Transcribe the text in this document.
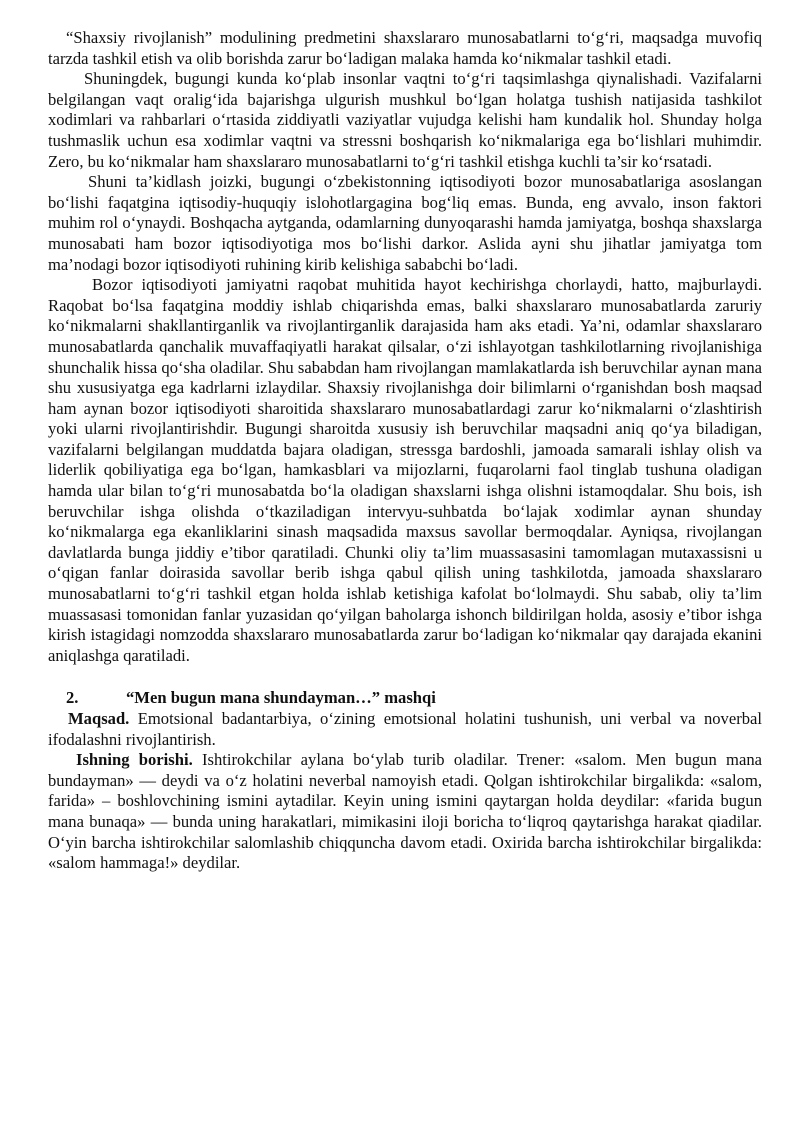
“Shaxsiy rivojlanish” modulining predmetini shaxslararo munosabatlarni to‘g‘ri, maqsadga muvofiq tarzda tashkil etish va olib borishda zarur bo‘ladigan malaka hamda ko‘nikmalar tashkil etadi.

Shuningdek, bugungi kunda ko‘plab insonlar vaqtni to‘g‘ri taqsimlashga qiynalishadi. Vazifalarni belgilangan vaqt oralig‘ida bajarishga ulgurish mushkul bo‘lgan holatga tushish natijasida tashkilot xodimlari va rahbarlari o‘rtasida ziddiyatli vaziyatlar vujudga kelishi ham kundalik hol. Shunday holga tushmaslik uchun esa xodimlar vaqtni va stressni boshqarish ko‘nikmalariga ega bo‘lishlari muhimdir. Zero, bu ko‘nikmalar ham shaxslararo munosabatlarni to‘g‘ri tashkil etishga kuchli ta’sir ko‘rsatadi.

Shuni ta’kidlash joizki, bugungi o‘zbekistonning iqtisodiyoti bozor munosabatlariga asoslangan bo‘lishi faqatgina iqtisodiy-huquqiy islohotlargagina bog‘liq emas. Bunda, eng avvalo, inson faktori muhim rol o‘ynaydi. Boshqacha aytganda, odamlarning dunyoqarashi hamda jamiyatga, boshqa shaxslarga munosabati ham bozor iqtisodiyotiga mos bo‘lishi darkor. Aslida ayni shu jihatlar jamiyatga tom ma’nodagi bozor iqtisodiyoti ruhining kirib kelishiga sababchi bo‘ladi.

Bozor iqtisodiyoti jamiyatni raqobat muhitida hayot kechirishga chorlaydi, hatto, majburlaydi. Raqobat bo‘lsa faqatgina moddiy ishlab chiqarishda emas, balki shaxslararo munosabatlarda zaruriy ko‘nikmalarni shakllantirganlik va rivojlantirganlik darajasida ham aks etadi. Ya’ni, odamlar shaxslararo munosabatlarda qanchalik muvaffaqiyatli harakat qilsalar, o‘zi ishlayotgan tashkilotlarning rivojlanishiga shunchalik hissa qo‘sha oladilar. Shu sababdan ham rivojlangan mamlakatlarda ish beruvchilar aynan mana shu xususiyatga ega kadrlarni izlaydilar. Shaxsiy rivojlanishga doir bilimlarni o‘rganishdan bosh maqsad ham aynan bozor iqtisodiyoti sharoitida shaxslararo munosabatlardagi zarur ko‘nikmalarni o‘zlashtirish yoki ularni rivojlantirishdir. Bugungi sharoitda xususiy ish beruvchilar maqsadni aniq qo‘ya biladigan, vazifalarni belgilangan muddatda bajara oladigan, stressga bardoshli, jamoada samarali ishlay olish va liderlik qobiliyatiga ega bo‘lgan, hamkasblari va mijozlarni, fuqarolarni faol tinglab tushuna oladigan hamda ular bilan to‘g‘ri munosabatda bo‘la oladigan shaxslarni ishga olishni istamoqdalar. Shu bois, ish beruvchilar ishga olishda o‘tkaziladigan intervyu-suhbatda bo‘lajak xodimlar aynan shunday ko‘nikmalarga ega ekanliklarini sinash maqsadida maxsus savollar bermoqdalar. Ayniqsa, rivojlangan davlatlarda bunga jiddiy e’tibor qaratiladi. Chunki oliy ta’lim muassasasini tamomlagan mutaxassisni u o‘qigan fanlar doirasida savollar berib ishga qabul qilish uning tashkilotda, jamoada shaxslararo munosabatlarni to‘g‘ri tashkil etgan holda ishlab ketishiga kafolat bo‘lolmaydi. Shu sabab, oliy ta’lim muassasasi tomonidan fanlar yuzasidan qo‘yilgan baholarga ishonch bildirilgan holda, asosiy e’tibor ishga kirish istagidagi nomzodda shaxslararo munosabatlarda zarur bo‘ladigan ko‘nikmalar qay darajada ekanini aniqlashga qaratiladi.

2.	“Men bugun mana shundayman…” mashqi

Maqsad. Emotsional badantarbiya, o‘zining emotsional holatini tushunish, uni verbal va noverbal ifodalashni rivojlantirish.

Ishning borishi. Ishtirokchilar aylana bo‘ylab turib oladilar. Trener: «salom. Men bugun mana bundayman» — deydi va o‘z holatini neverbal namoyish etadi. Qolgan ishtirokchilar birgalikda: «salom, farida» – boshlovchining ismini aytadilar. Keyin uning ismini qaytargan holda deydilar: «farida bugun mana bunaqa» — bunda uning harakatlari, mimikasini iloji boricha to‘liqroq qaytarishga harakat qiadilar. O‘yin barcha ishtirokchilar salomlashib chiqquncha davom etadi. Oxirida barcha ishtirokchilar birgalikda: «salom hammaga!» deydilar.
